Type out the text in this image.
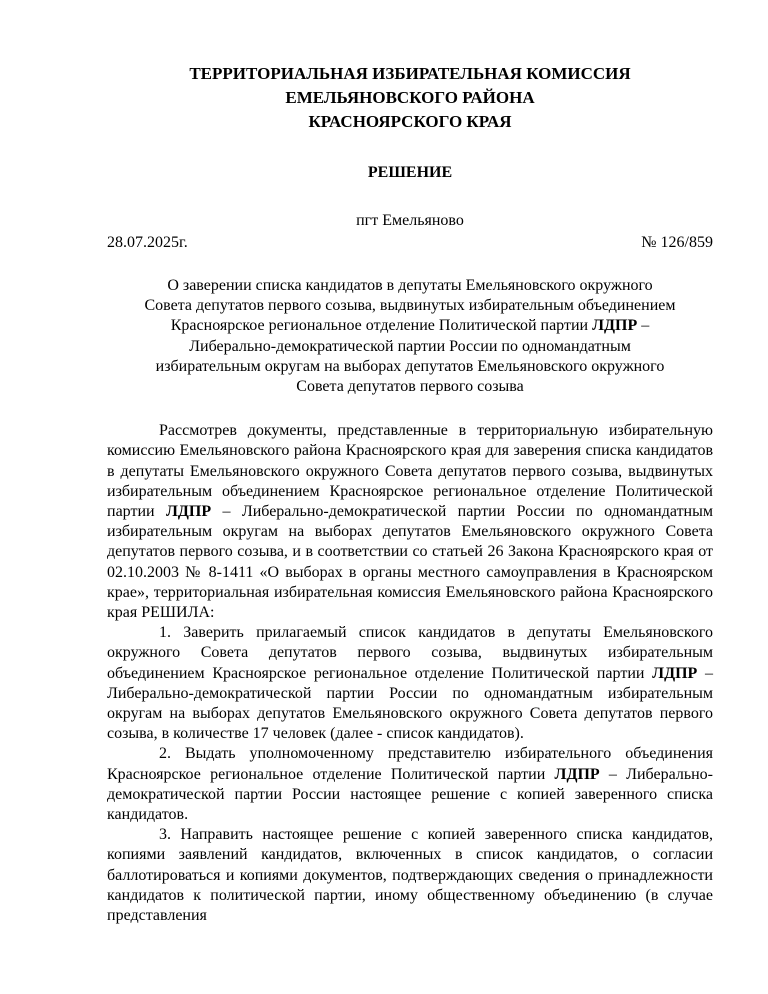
ТЕРРИТОРИАЛЬНАЯ ИЗБИРАТЕЛЬНАЯ КОМИССИЯ
ЕМЕЛЬЯНОВСКОГО РАЙОНА
КРАСНОЯРСКОГО КРАЯ
РЕШЕНИЕ
пгт Емельяново
28.07.2025г.	№ 126/859
О заверении списка кандидатов в депутаты Емельяновского окружного
Совета депутатов первого созыва, выдвинутых избирательным объединением
Красноярское региональное отделение Политической партии ЛДПР –
Либерально-демократической партии России по одномандатным
избирательным округам на выборах депутатов Емельяновского окружного
Совета депутатов первого созыва

Рассмотрев документы, представленные в территориальную избирательную комиссию Емельяновского района Красноярского края для заверения списка кандидатов в депутаты Емельяновского окружного Совета депутатов первого созыва, выдвинутых избирательным объединением Красноярское региональное отделение Политической партии ЛДПР – Либерально-демократической партии России по одномандатным избирательным округам на выборах депутатов Емельяновского окружного Совета депутатов первого созыва, и в соответствии со статьей 26 Закона Красноярского края от 02.10.2003 № 8-1411 «О выборах в органы местного самоуправления в Красноярском крае», территориальная избирательная комиссия Емельяновского района Красноярского края РЕШИЛА:

1. Заверить прилагаемый список кандидатов в депутаты Емельяновского окружного Совета депутатов первого созыва, выдвинутых избирательным объединением Красноярское региональное отделение Политической партии ЛДПР – Либерально-демократической партии России по одномандатным избирательным округам на выборах депутатов Емельяновского окружного Совета депутатов первого созыва, в количестве 17 человек (далее - список кандидатов).

2. Выдать уполномоченному представителю избирательного объединения Красноярское региональное отделение Политической партии ЛДПР – Либерально-демократической партии России настоящее решение с копией заверенного списка кандидатов.

3. Направить настоящее решение с копией заверенного списка кандидатов, копиями заявлений кандидатов, включенных в список кандидатов, о согласии баллотироваться и копиями документов, подтверждающих сведения о принадлежности кандидатов к политической партии, иному общественному объединению (в случае представления
